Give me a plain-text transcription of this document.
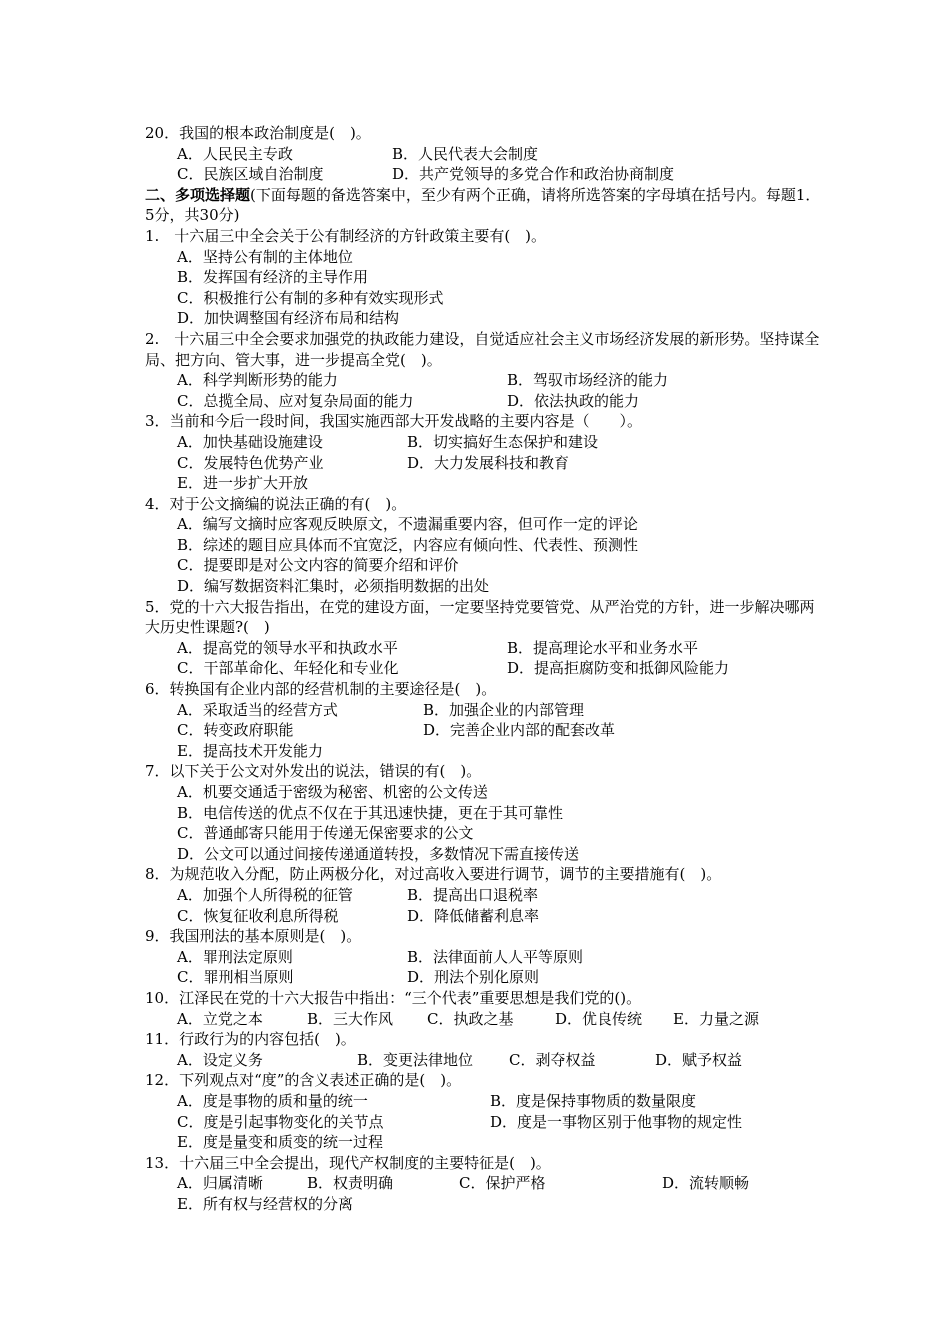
20．我国的根本政治制度是(　)。
A．人民民主专政	B．人民代表大会制度
C．民族区域自治制度	D．共产党领导的多党合作和政治协商制度
二、多项选择题(下面每题的备选答案中，至少有两个正确，请将所选答案的字母填在括号内。每题1．5分，共30分)
1.　十六届三中全会关于公有制经济的方针政策主要有(　)。
A．坚持公有制的主体地位
B．发挥国有经济的主导作用
C．积极推行公有制的多种有效实现形式
D．加快调整国有经济布局和结构
2.　十六届三中全会要求加强党的执政能力建设，自觉适应社会主义市场经济发展的新形势。坚持谋全局、把方向、管大事，进一步提高全党(　)。
A．科学判断形势的能力	B．驾驭市场经济的能力
C．总揽全局、应对复杂局面的能力	D．依法执政的能力
3．当前和今后一段时间，我国实施西部大开发战略的主要内容是（　　）。
A．加快基础设施建设	B．切实搞好生态保护和建设
C．发展特色优势产业	D．大力发展科技和教育
E．进一步扩大开放
4．对于公文摘编的说法正确的有(　)。
A．编写文摘时应客观反映原文，不遗漏重要内容，但可作一定的评论
B．综述的题目应具体而不宜宽泛，内容应有倾向性、代表性、预测性
C．提要即是对公文内容的简要介绍和评价
D．编写数据资料汇集时，必须指明数据的出处
5．党的十六大报告指出，在党的建设方面，一定要坚持党要管党、从严治党的方针，进一步解决哪两大历史性课题?(　)
A．提高党的领导水平和执政水平	B．提高理论水平和业务水平
C．干部革命化、年轻化和专业化	D．提高拒腐防变和抵御风险能力
6．转换国有企业内部的经营机制的主要途径是(　)。
A．采取适当的经营方式	B．加强企业的内部管理
C．转变政府职能	D．完善企业内部的配套改革
E．提高技术开发能力
7．以下关于公文对外发出的说法，错误的有(　)。
A．机要交通适于密级为秘密、机密的公文传送
B．电信传送的优点不仅在于其迅速快捷，更在于其可靠性
C．普通邮寄只能用于传递无保密要求的公文
D．公文可以通过间接传递通道转投，多数情况下需直接传送
8．为规范收入分配，防止两极分化，对过高收入要进行调节，调节的主要措施有(　)。
A．加强个人所得税的征管	B．提高出口退税率
C．恢复征收利息所得税	D．降低储蓄利息率
9．我国刑法的基本原则是(　)。
A．罪刑法定原则	B．法律面前人人平等原则
C．罪刑相当原则	D．刑法个别化原则
10．江泽民在党的十六大报告中指出：“三个代表”重要思想是我们党的()。
A．立党之本	B．三大作风 C．执政之基	D．优良传统 E．力量之源
11．行政行为的内容包括(　)。
A．设定义务	B．变更法律地位 C．剥夺权益	D．赋予权益
12．下列观点对“度”的含义表述正确的是(　)。
A．度是事物的质和量的统一	B．度是保持事物质的数量限度
C．度是引起事物变化的关节点	D．度是一事物区别于他事物的规定性
E．度是量变和质变的统一过程
13．十六届三中全会提出，现代产权制度的主要特征是(　)。
A．归属清晰	B．权责明确	C．保护严格	D．流转顺畅
E．所有权与经营权的分离
